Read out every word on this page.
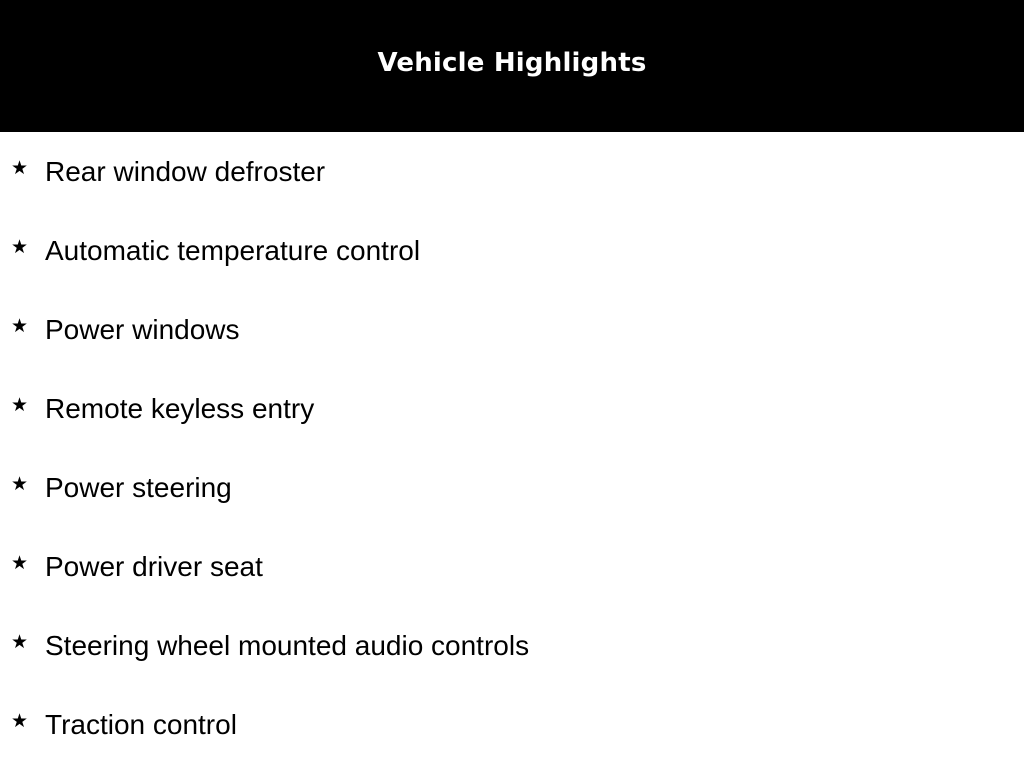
Vehicle Highlights
★ Rear window defroster
★ Automatic temperature control
★ Power windows
★ Remote keyless entry
★ Power steering
★ Power driver seat
★ Steering wheel mounted audio controls
★ Traction control
